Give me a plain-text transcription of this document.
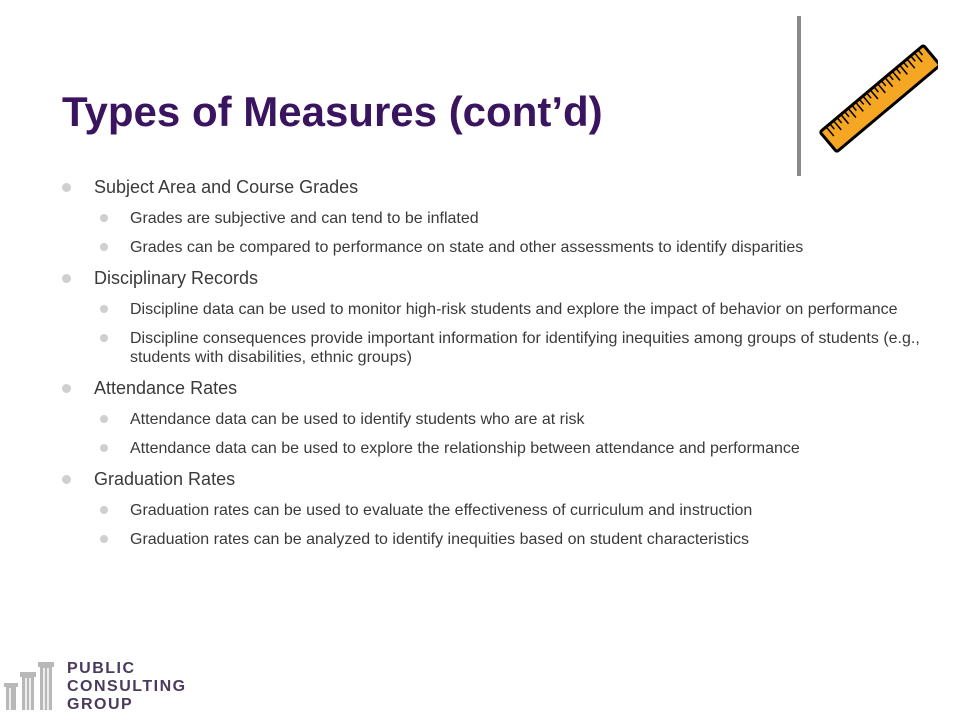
Types of Measures (cont’d)
Subject Area and Course Grades
Grades are subjective and can tend to be inflated
Grades can be compared to performance on state and other assessments to identify disparities
Disciplinary Records
Discipline data can be used to monitor high-risk students and explore the impact of behavior on performance
Discipline consequences provide important information for identifying inequities among groups of students (e.g., students with disabilities, ethnic groups)
Attendance Rates
Attendance data can be used to identify students who are at risk
Attendance data can be used to explore the relationship between attendance and performance
Graduation Rates
Graduation rates can be used to evaluate the effectiveness of curriculum and instruction
Graduation rates can be analyzed to identify inequities based on student characteristics
PUBLIC
CONSULTING
GROUP
